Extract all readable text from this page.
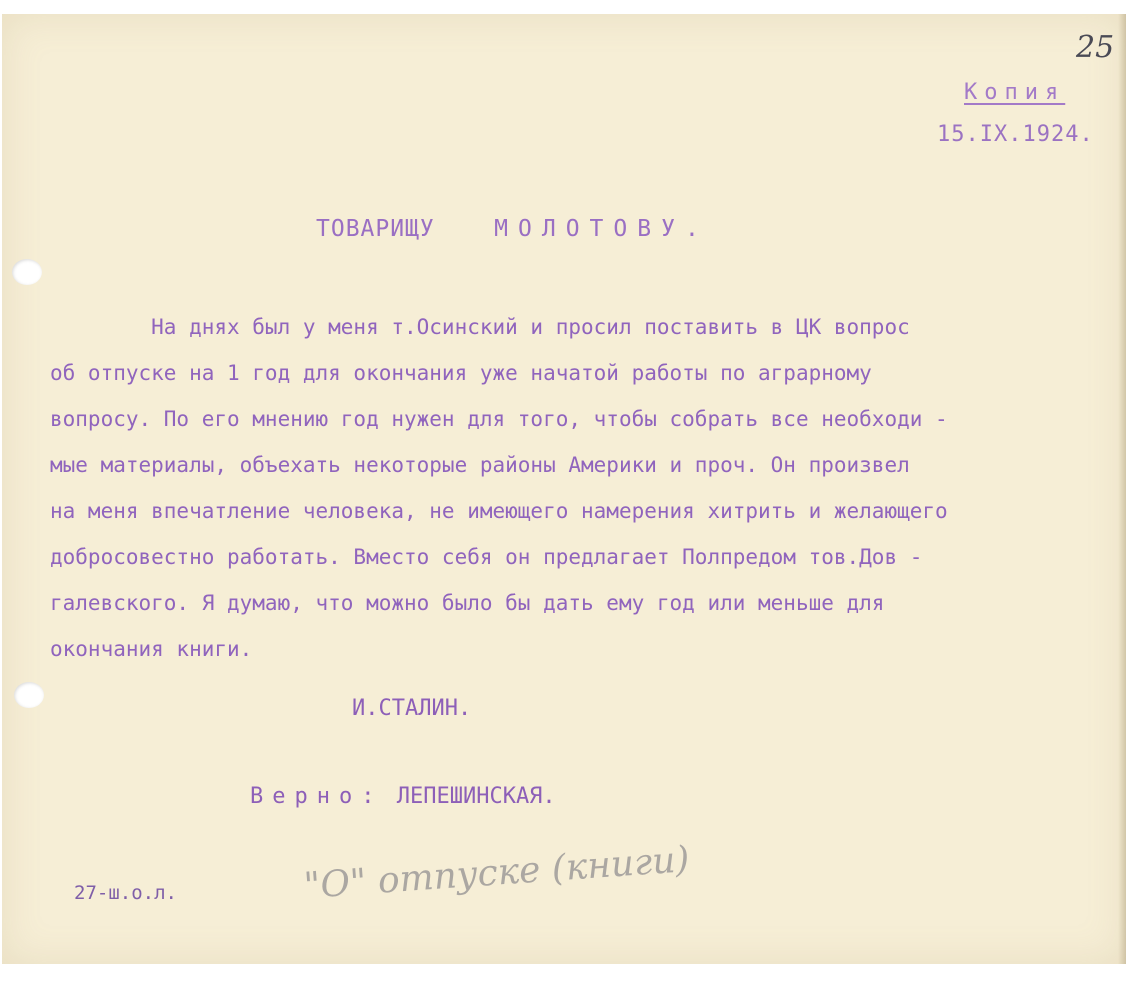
25
Копия
15.IX.1924.
ТОВАРИЩУ	МОЛОТОВУ.
На днях был у меня т.Осинский и просил поставить в ЦК вопрос
об отпуске на 1 год для окончания уже начатой работы по аграрному
вопросу. По его мнению год нужен для того, чтобы собрать все необходи -
мые материалы, объехать некоторые районы Америки и проч. Он произвел
на меня впечатление человека, не имеющего намерения хитрить и желающего
добросовестно работать. Вместо себя он предлагает Полпредом тов.Дов -
галевского. Я думаю, что можно было бы дать ему год или меньше для
окончания книги.
И.СТАЛИН.
Верно: ЛЕПЕШИНСКАЯ.
27-ш.о.л.	"О" отпуске (книги)
